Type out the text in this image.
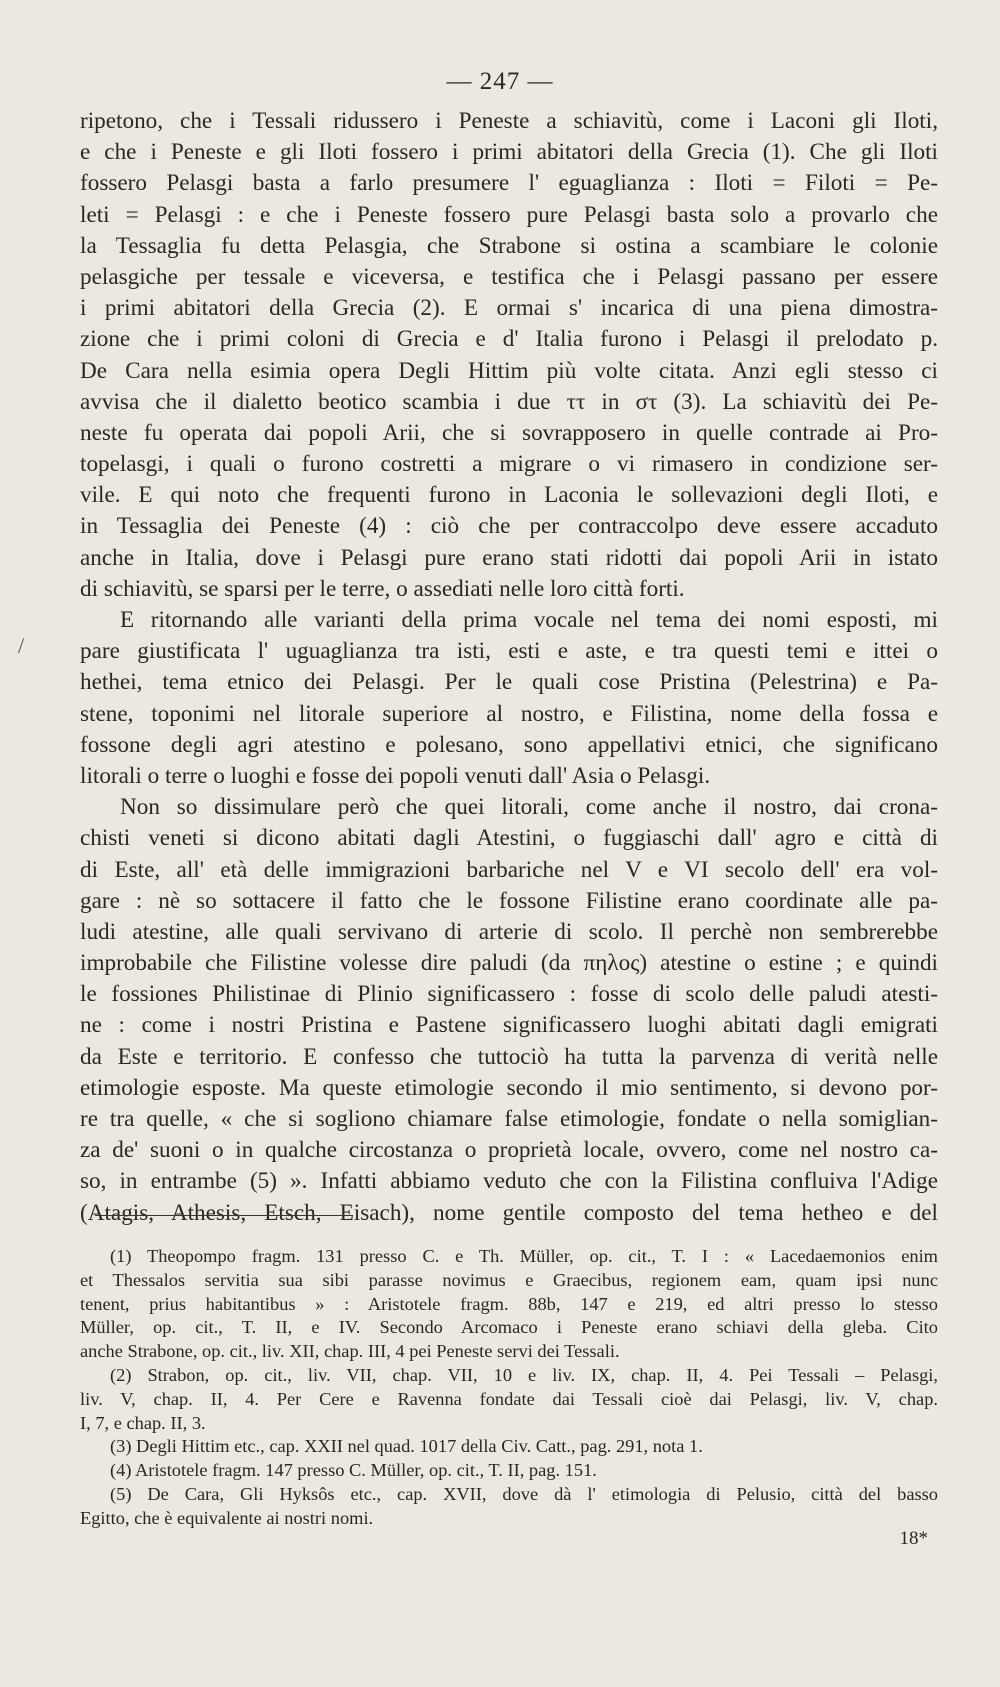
— 247 —
/
ripetono, che i Tessali ridussero i Peneste a schiavitù, come i Laconi gli Iloti,
e che i Peneste e gli Iloti fossero i primi abitatori della Grecia (1). Che gli Iloti
fossero Pelasgi basta a farlo presumere l' eguaglianza : Iloti = Filoti = Pe-
leti = Pelasgi : e che i Peneste fossero pure Pelasgi basta solo a provarlo che
la Tessaglia fu detta Pelasgia, che Strabone si ostina a scambiare le colonie
pelasgiche per tessale e viceversa, e testifica che i Pelasgi passano per essere
i primi abitatori della Grecia (2). E ormai s' incarica di una piena dimostra-
zione che i primi coloni di Grecia e d' Italia furono i Pelasgi il prelodato p.
De Cara nella esimia opera Degli Hittim più volte citata. Anzi egli stesso ci
avvisa che il dialetto beotico scambia i due ττ in στ (3). La schiavitù dei Pe-
neste fu operata dai popoli Arii, che si sovrapposero in quelle contrade ai Pro-
topelasgi, i quali o furono costretti a migrare o vi rimasero in condizione ser-
vile. E qui noto che frequenti furono in Laconia le sollevazioni degli Iloti, e
in Tessaglia dei Peneste (4) : ciò che per contraccolpo deve essere accaduto
anche in Italia, dove i Pelasgi pure erano stati ridotti dai popoli Arii in istato
di schiavitù, se sparsi per le terre, o assediati nelle loro città forti.
E ritornando alle varianti della prima vocale nel tema dei nomi esposti, mi
pare giustificata l' uguaglianza tra isti, esti e aste, e tra questi temi e ittei o
hethei, tema etnico dei Pelasgi. Per le quali cose Pristina (Pelestrina) e Pa-
stene, toponimi nel litorale superiore al nostro, e Filistina, nome della fossa e
fossone degli agri atestino e polesano, sono appellativi etnici, che significano
litorali o terre o luoghi e fosse dei popoli venuti dall' Asia o Pelasgi.
Non so dissimulare però che quei litorali, come anche il nostro, dai crona-
chisti veneti si dicono abitati dagli Atestini, o fuggiaschi dall' agro e città di
di Este, all' età delle immigrazioni barbariche nel V e VI secolo dell' era vol-
gare : nè so sottacere il fatto che le fossone Filistine erano coordinate alle pa-
ludi atestine, alle quali servivano di arterie di scolo. Il perchè non sembrerebbe
improbabile che Filistine volesse dire paludi (da πηλος) atestine o estine ; e quindi
le fossiones Philistinae di Plinio significassero : fosse di scolo delle paludi atesti-
ne : come i nostri Pristina e Pastene significassero luoghi abitati dagli emigrati
da Este e territorio. E confesso che tuttociò ha tutta la parvenza di verità nelle
etimologie esposte. Ma queste etimologie secondo il mio sentimento, si devono por-
re tra quelle, « che si sogliono chiamare false etimologie, fondate o nella somiglian-
za de' suoni o in qualche circostanza o proprietà locale, ovvero, come nel nostro ca-
so, in entrambe (5) ». Infatti abbiamo veduto che con la Filistina confluiva l'Adige
(Atagis, Athesis, Etsch, Eisach), nome gentile composto del tema hetheo e del
(1) Theopompo fragm. 131 presso C. e Th. Müller, op. cit., T. I : « Lacedaemonios enim
et Thessalos servitia sua sibi parasse novimus e Graecibus, regionem eam, quam ipsi nunc
tenent, prius habitantibus » : Aristotele fragm. 88b, 147 e 219, ed altri presso lo stesso
Müller, op. cit., T. II, e IV. Secondo Arcomaco i Peneste erano schiavi della gleba. Cito
anche Strabone, op. cit., liv. XII, chap. III, 4 pei Peneste servi dei Tessali.
(2) Strabon, op. cit., liv. VII, chap. VII, 10 e liv. IX, chap. II, 4. Pei Tessali – Pelasgi,
liv. V, chap. II, 4. Per Cere e Ravenna fondate dai Tessali cioè dai Pelasgi, liv. V, chap.
I, 7, e chap. II, 3.
(3) Degli Hittim etc., cap. XXII nel quad. 1017 della Civ. Catt., pag. 291, nota 1.
(4) Aristotele fragm. 147 presso C. Müller, op. cit., T. II, pag. 151.
(5) De Cara, Gli Hyksôs etc., cap. XVII, dove dà l' etimologia di Pelusio, città del basso
Egitto, che è equivalente ai nostri nomi.
18*
